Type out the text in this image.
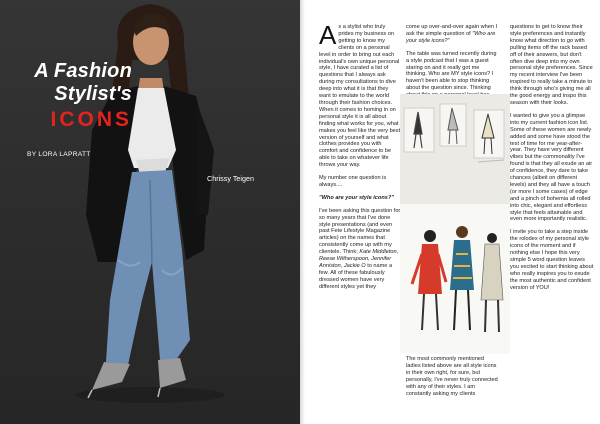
A Fashion
Stylist's
ICONS
BY LORA LAPRATT
Chrissy Teigen

A s a stylist who truly prides my business on getting to know my clients on a personal level in order to bring out each individual's own unique personal style, I have curated a list of questions that I always ask during my consultations to dive deep into what it is that they want to emulate to the world through their fashion choices. When it comes to homing in on personal style it is all about finding what works for you, what makes you feel like the very best version of yourself and what clothes provides you with comfort and confidence to be able to take on whatever life throws your way.

My number one question is always....

"Who are your style icons?"

I've been asking this question for so many years that I've done style presentations (and even past Fete Lifestyle Magazine articles) on the names that consistently come up with my clientele. Think; Kate Middleton, Reese Witherspoon, Jennifer Anniston, Jackie O to name a few. All of these fabulously dressed women have very different styles yet they

come up over-and-over again when I ask the simple question of "Who are your style icons?"

The table was turned recently during a style podcast that I was a guest staring on and it really got me thinking. Who are MY style icons? I haven't been able to stop thinking about the question since. Thinking

The most commonly mentioned ladies listed above are all style icons in their own right, for sure, but personally, I've never truly connected with any of their styles. I am constantly asking my clients

questions to get to know their style preferences and instantly know what direction to go with pulling items off the rack based off of their answers, but don't often dive deep into my own personal style preferences. Since my recent interview I've been inspired to really take a minute to think through who's giving me all the good energy and inspo this season with their looks.

I wanted to give you a glimpse into my current fashion icon list. Some of these women are newly added and some have stood the test of time for me year-after-year. They have very different vibes but the commonality I've found is that they all exude an air of confidence, they dare to take chances (albeit on different levels) and they all have a touch (or more I some cases) of edge and a pinch of bohemia all rolled into chic, elegant and effortless style that feels attainable and even more importantly realistic.

I invite you to take a step inside the rolodex of my personal style icons of the moment and if nothing else I hope this very simple 5 word question leaves you excited to start thinking about who really inspires you to exude the most authentic and confident version of YOU!
